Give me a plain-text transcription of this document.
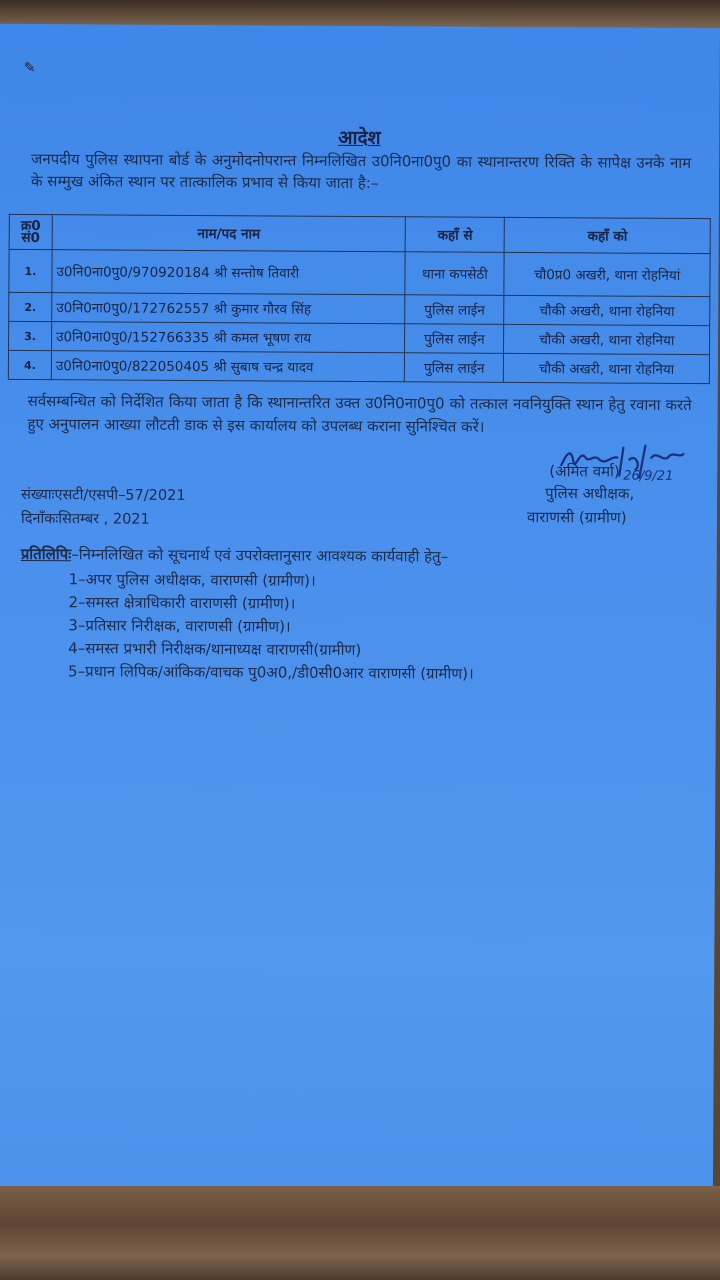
✎
आदेश
जनपदीय पुलिस स्थापना बोर्ड के अनुमोदनोपरान्त निम्नलिखित उ0नि0ना0पु0 का स्थानान्तरण रिक्ति के सापेक्ष उनके नाम के सम्मुख अंकित स्थान पर तात्कालिक प्रभाव से किया जाता है:–
क्र0 सं0	नाम/पद नाम	कहाँ से	कहाँ को
1.	उ0नि0ना0पु0/970920184 श्री सन्तोष तिवारी	थाना कपसेठी	चौ0प्र0 अखरी, थाना रोहनियां
2.	उ0नि0ना0पु0/172762557 श्री कुमार गौरव सिंह	पुलिस लाईन	चौकी अखरी, थाना रोहनिया
3.	उ0नि0ना0पु0/152766335 श्री कमल भूषण राय	पुलिस लाईन	चौकी अखरी, थाना रोहनिया
4.	उ0नि0ना0पु0/822050405 श्री सुबाष चन्द्र यादव	पुलिस लाईन	चौकी अखरी, थाना रोहनिया
सर्वसम्बन्धित को निर्देशित किया जाता है कि स्थानान्तरित उक्त उ0नि0ना0पु0 को तत्काल नवनियुक्ति स्थान हेतु रवाना करते हुए अनुपालन आख्या लौटती डाक से इस कार्यालय को उपलब्ध कराना सुनिश्चित करें।
26/9/21
(अमित वर्मा)
पुलिस अधीक्षक,
वाराणसी (ग्रामीण)
संख्याःएसटी/एसपी–57/2021
दिनाँकःसितम्बर , 2021
प्रतिलिपिः–निम्नलिखित को सूचनार्थ एवं उपरोक्तानुसार आवश्यक कार्यवाही हेतु–
1–अपर पुलिस अधीक्षक, वाराणसी (ग्रामीण)।
2–समस्त क्षेत्राधिकारी वाराणसी (ग्रामीण)।
3–प्रतिसार निरीक्षक, वाराणसी (ग्रामीण)।
4–समस्त प्रभारी निरीक्षक/थानाध्यक्ष वाराणसी(ग्रामीण)
5–प्रधान लिपिक/आंकिक/वाचक पु0अ0,/डी0सी0आर वाराणसी (ग्रामीण)।
